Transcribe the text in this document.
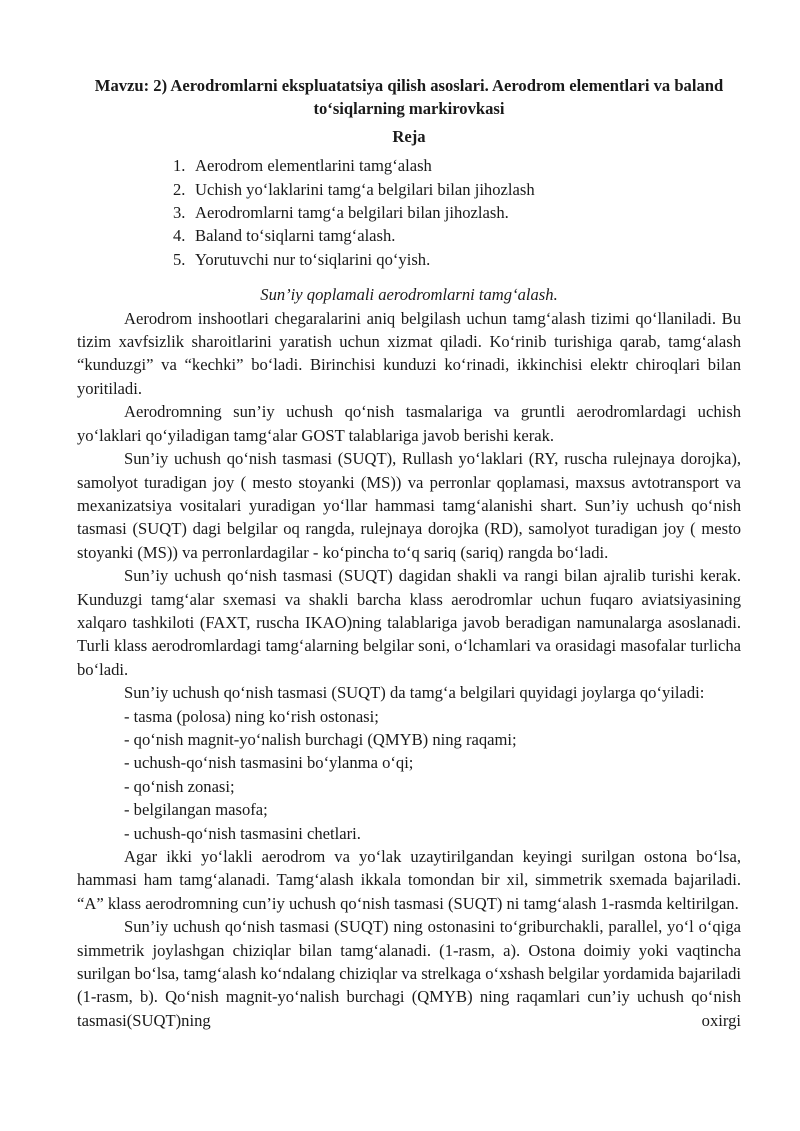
Mavzu: 2) Aerodromlarni ekspluatatsiya qilish asoslari. Aerodrom elementlari va baland to‘siqlarning markirovkasi

Reja

1. Aerodrom elementlarini tamg‘alash
2. Uchish yo‘laklarini tamg‘a belgilari bilan jihozlash
3. Aerodromlarni tamg‘a belgilari bilan jihozlash.
4. Baland to‘siqlarni tamg‘alash.
5. Yorutuvchi nur to‘siqlarini qo‘yish.

Sun’iy qoplamali aerodromlarni tamg‘alash.

Aerodrom inshootlari chegaralarini aniq belgilash uchun tamg‘alash tizimi qo‘llaniladi. Bu tizim xavfsizlik sharoitlarini yaratish uchun xizmat qiladi. Ko‘rinib turishiga qarab, tamg‘alash “kunduzgi” va “kechki” bo‘ladi. Birinchisi kunduzi ko‘rinadi, ikkinchisi elektr chiroqlari bilan yoritiladi.

Aerodromning sun’iy uchush qo‘nish tasmalariga va gruntli aerodromlardagi uchish yo‘laklari qo‘yiladigan tamg‘alar GOST talablariga javob berishi kerak.

Sun’iy uchush qo‘nish tasmasi (SUQT), Rullash yo‘laklari (RY, ruscha rulejnaya dorojka), samolyot turadigan joy ( mesto stoyanki (MS)) va perronlar qoplamasi, maxsus avtotransport va mexanizatsiya vositalari yuradigan yo‘llar hammasi tamg‘alanishi shart. Sun’iy uchush qo‘nish tasmasi (SUQT) dagi belgilar oq rangda, rulejnaya dorojka (RD), samolyot turadigan joy ( mesto stoyanki (MS)) va perronlardagilar - ko‘pincha to‘q sariq (sariq) rangda bo‘ladi.

Sun’iy uchush qo‘nish tasmasi (SUQT) dagidan shakli va rangi bilan ajralib turishi kerak. Kunduzgi tamg‘alar sxemasi va shakli barcha klass aerodromlar uchun fuqaro aviatsiyasining xalqaro tashkiloti (FAXT, ruscha IKAO)ning talablariga javob beradigan namunalarga asoslanadi. Turli klass aerodromlardagi tamg‘alarning belgilar soni, o‘lchamlari va orasidagi masofalar turlicha bo‘ladi.

Sun’iy uchush qo‘nish tasmasi (SUQT) da tamg‘a belgilari quyidagi joylarga qo‘yiladi:

- tasma (polosa) ning ko‘rish ostonasi;
- qo‘nish magnit-yo‘nalish burchagi (QMYB) ning raqami;
- uchush-qo‘nish tasmasini bo‘ylanma o‘qi;
- qo‘nish zonasi;
- belgilangan masofa;
- uchush-qo‘nish tasmasini chetlari.

Agar ikki yo‘lakli aerodrom va yo‘lak uzaytirilgandan keyingi surilgan ostona bo‘lsa, hammasi ham tamg‘alanadi. Tamg‘alash ikkala tomondan bir xil, simmetrik sxemada bajariladi. “A” klass aerodromning cun’iy uchush qo‘nish tasmasi (SUQT) ni tamg‘alash 1-rasmda keltirilgan.

Sun’iy uchush qo‘nish tasmasi (SUQT) ning ostonasini to‘griburchakli, parallel, yo‘l o‘qiga simmetrik joylashgan chiziqlar bilan tamg‘alanadi. (1-rasm, a). Ostona doimiy yoki vaqtincha surilgan bo‘lsa, tamg‘alash ko‘ndalang chiziqlar va strelkaga o‘xshash belgilar yordamida bajariladi (1-rasm, b). Qo‘nish magnit-yo‘nalish burchagi (QMYB) ning raqamlari cun’iy uchush qo‘nish tasmasi(SUQT)ning oxirgi
